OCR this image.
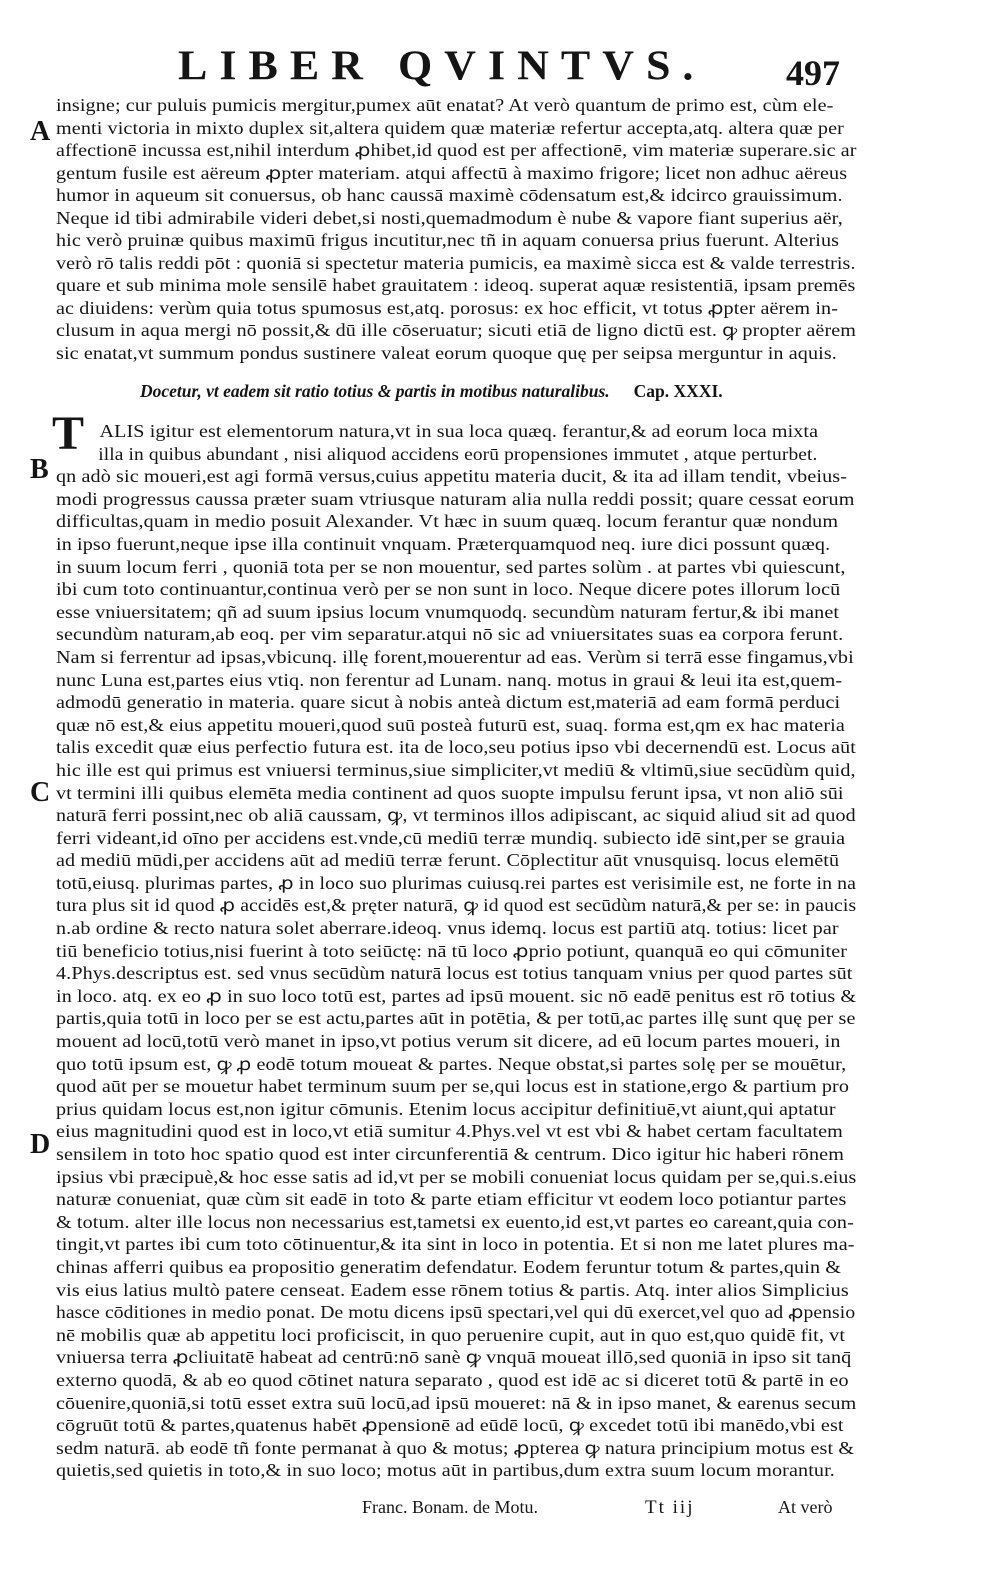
LIBER QVINTVS. 497
A
B
C
D
insigne; cur puluis pumicis mergitur,pumex aūt enatat? At verò quantum de primo est, cùm ele-
menti victoria in mixto duplex sit,altera quidem quæ materiæ refertur accepta,atq. altera quæ per
affectionē incussa est,nihil interdum ꝓhibet,id quod est per affectionē, vim materiæ superare.sic ar
gentum fusile est aëreum ꝓpter materiam. atqui affectū à maximo frigore; licet non adhuc aëreus
humor in aqueum sit conuersus, ob hanc caussā maximè cōdensatum est,& idcirco grauissimum.
Neque id tibi admirabile videri debet,si nosti,quemadmodum è nube & vapore fiant superius aër,
hic verò pruinæ quibus maximū frigus incutitur,nec tñ in aquam conuersa prius fuerunt. Alterius
verò rō talis reddi pōt : quoniā si spectetur materia pumicis, ea maximè sicca est & valde terrestris.
quare et sub minima mole sensilē habet grauitatem : ideoq. superat aquæ resistentiā, ipsam premēs
ac diuidens: verùm quia totus spumosus est,atq. porosus: ex hoc efficit, vt totus ꝓpter aërem in-
clusum in aqua mergi nō possit,& dū ille cōseruatur; sicuti etiā de ligno dictū est. ꝙ propter aërem
sic enatat,vt summum pondus sustinere valeat eorum quoque quę per seipsa merguntur in aquis.
Docetur, vt eadem sit ratio totius & partis in motibus naturalibus. Cap. XXXI.
T ALIS igitur est elementorum natura,vt in sua loca quæq. ferantur,& ad eorum loca mixta
illa in quibus abundant , nisi aliquod accidens eorū propensiones immutet , atque perturbet.
qn adò sic moueri,est agi formā versus,cuius appetitu materia ducit, & ita ad illam tendit, vbeius-
modi progressus caussa præter suam vtriusque naturam alia nulla reddi possit; quare cessat eorum
difficultas,quam in medio posuit Alexander. Vt hæc in suum quæq. locum ferantur quæ nondum
in ipso fuerunt,neque ipse illa continuit vnquam. Præterquamquod neq. iure dici possunt quæq.
in suum locum ferri , quoniā tota per se non mouentur, sed partes solùm . at partes vbi quiescunt,
ibi cum toto continuantur,continua verò per se non sunt in loco. Neque dicere potes illorum locū
esse vniuersitatem; qñ ad suum ipsius locum vnumquodq. secundùm naturam fertur,& ibi manet
secundùm naturam,ab eoq. per vim separatur.atqui nō sic ad vniuersitates suas ea corpora ferunt.
Nam si ferrentur ad ipsas,vbicunq. illę forent,mouerentur ad eas. Verùm si terrā esse fingamus,vbi
nunc Luna est,partes eius vtiq. non ferentur ad Lunam. nanq. motus in graui & leui ita est,quem-
admodū generatio in materia. quare sicut à nobis anteà dictum est,materiā ad eam formā perduci
quæ nō est,& eius appetitu moueri,quod suū posteà futurū est, suaq. forma est,qm ex hac materia
talis excedit quæ eius perfectio futura est. ita de loco,seu potius ipso vbi decernendū est. Locus aūt
hic ille est qui primus est vniuersi terminus,siue simpliciter,vt mediū & vltimū,siue secūdùm quid,
vt termini illi quibus elemēta media continent ad quos suopte impulsu ferunt ipsa, vt non aliō sūi
naturā ferri possint,nec ob aliā caussam, ꝙ, vt terminos illos adipiscant, ac siquid aliud sit ad quod
ferri videant,id oīno per accidens est.vnde,cū mediū terræ mundiq. subiecto idē sint,per se grauia
ad mediū mūdi,per accidens aūt ad mediū terræ ferunt. Cōplectitur aūt vnusquisq. locus elemētū
totū,eiusq. plurimas partes, ꝓ in loco suo plurimas cuiusq.rei partes est verisimile est, ne forte in na
tura plus sit id quod ꝓ accidēs est,& pręter naturā, ꝙ id quod est secūdùm naturā,& per se: in paucis
n.ab ordine & recto natura solet aberrare.ideoq. vnus idemq. locus est partiū atq. totius: licet par
tiū beneficio totius,nisi fuerint à toto seiūctę: nā tū loco ꝓprio potiunt, quanquā eo qui cōmuniter
4.Phys.descriptus est. sed vnus secūdùm naturā locus est totius tanquam vnius per quod partes sūt
in loco. atq. ex eo ꝓ in suo loco totū est, partes ad ipsū mouent. sic nō eadē penitus est rō totius &
partis,quia totū in loco per se est actu,partes aūt in potētia, & per totū,ac partes illę sunt quę per se
mouent ad locū,totū verò manet in ipso,vt potius verum sit dicere, ad eū locum partes moueri, in
quo totū ipsum est, ꝙ ꝓ eodē totum moueat & partes. Neque obstat,si partes solę per se mouētur,
quod aūt per se mouetur habet terminum suum per se,qui locus est in statione,ergo & partium pro
prius quidam locus est,non igitur cōmunis. Etenim locus accipitur definitiuē,vt aiunt,qui aptatur
eius magnitudini quod est in loco,vt etiā sumitur 4.Phys.vel vt est vbi & habet certam facultatem
sensilem in toto hoc spatio quod est inter circunferentiā & centrum. Dico igitur hic haberi rōnem
ipsius vbi præcipuè,& hoc esse satis ad id,vt per se mobili conueniat locus quidam per se,qui.s.eius
naturæ conueniat, quæ cùm sit eadē in toto & parte etiam efficitur vt eodem loco potiantur partes
& totum. alter ille locus non necessarius est,tametsi ex euento,id est,vt partes eo careant,quia con-
tingit,vt partes ibi cum toto cōtinuentur,& ita sint in loco in potentia. Et si non me latet plures ma-
chinas afferri quibus ea propositio generatim defendatur. Eodem feruntur totum & partes,quin &
vis eius latius multò patere censeat. Eadem esse rōnem totius & partis. Atq. inter alios Simplicius
hasce cōditiones in medio ponat. De motu dicens ipsū spectari,vel qui dū exercet,vel quo ad ꝓpensio
nē mobilis quæ ab appetitu loci proficiscit, in quo peruenire cupit, aut in quo est,quo quidē fit, vt
vniuersa terra ꝓcliuitatē habeat ad centrū:nō sanè ꝙ vnquā moueat illō,sed quoniā in ipso sit tanq̄
externo quodā, & ab eo quod cōtinet natura separato , quod est idē ac si diceret totū & partē in eo
cōuenire,quoniā,si totū esset extra suū locū,ad ipsū moueret: nā & in ipso manet, & earenus secum
cōgruūt totū & partes,quatenus habēt ꝓpensionē ad eūdē locū, ꝙ excedet totū ibi manēdo,vbi est
sedm naturā. ab eodē tñ fonte permanat à quo & motus; ꝓpterea ꝙ natura principium motus est &
quietis,sed quietis in toto,& in suo loco; motus aūt in partibus,dum extra suum locum morantur.
Franc. Bonam. de Motu.	Tt iij	At verò
